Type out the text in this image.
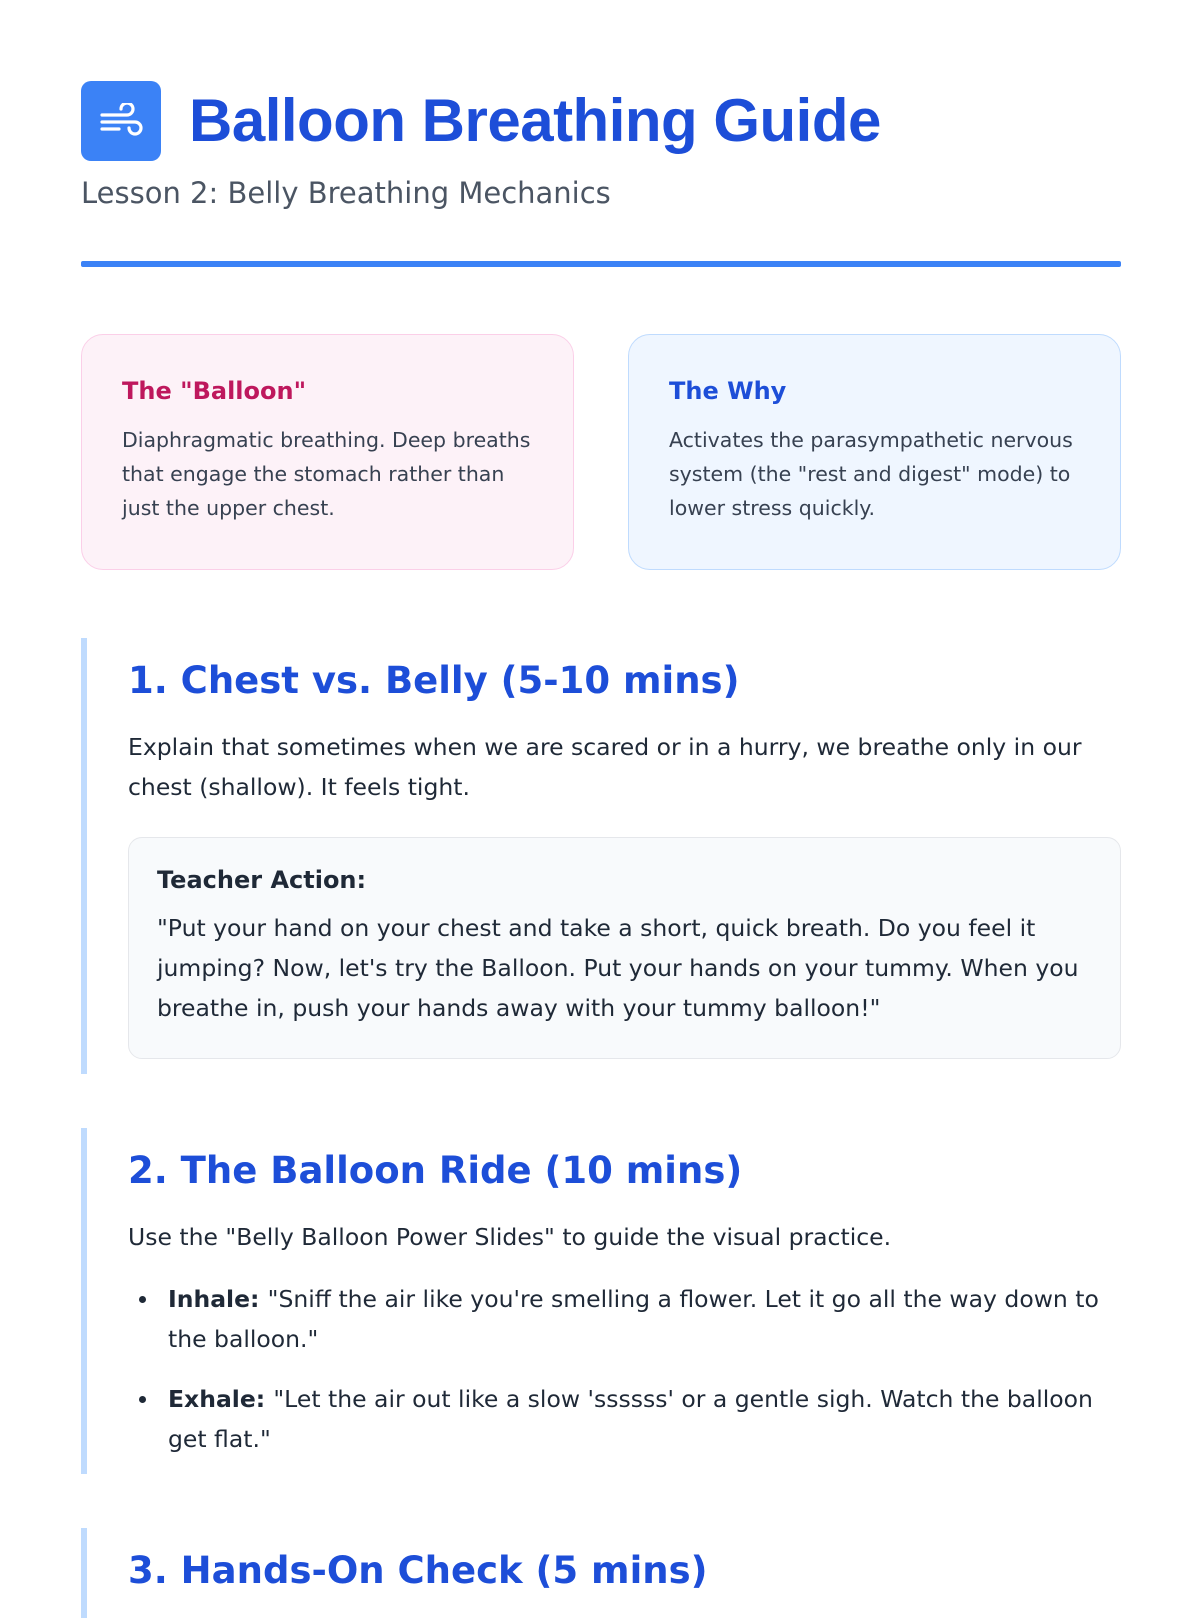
Balloon Breathing Guide
Lesson 2: Belly Breathing Mechanics
The "Balloon"
Diaphragmatic breathing. Deep breaths that engage the stomach rather than just the upper chest.
The Why
Activates the parasympathetic nervous system (the "rest and digest" mode) to lower stress quickly.
1. Chest vs. Belly (5-10 mins)

Explain that sometimes when we are scared or in a hurry, we breathe only in our chest (shallow). It feels tight.

Teacher Action:
"Put your hand on your chest and take a short, quick breath. Do you feel it jumping? Now, let's try the Balloon. Put your hands on your tummy. When you breathe in, push your hands away with your tummy balloon!"
2. The Balloon Ride (10 mins)

Use the "Belly Balloon Power Slides" to guide the visual practice.

Inhale: "Sniff the air like you're smelling a flower. Let it go all the way down to the balloon."
Exhale: "Let the air out like a slow 'ssssss' or a gentle sigh. Watch the balloon get flat."
3. Hands-On Check (5 mins)
